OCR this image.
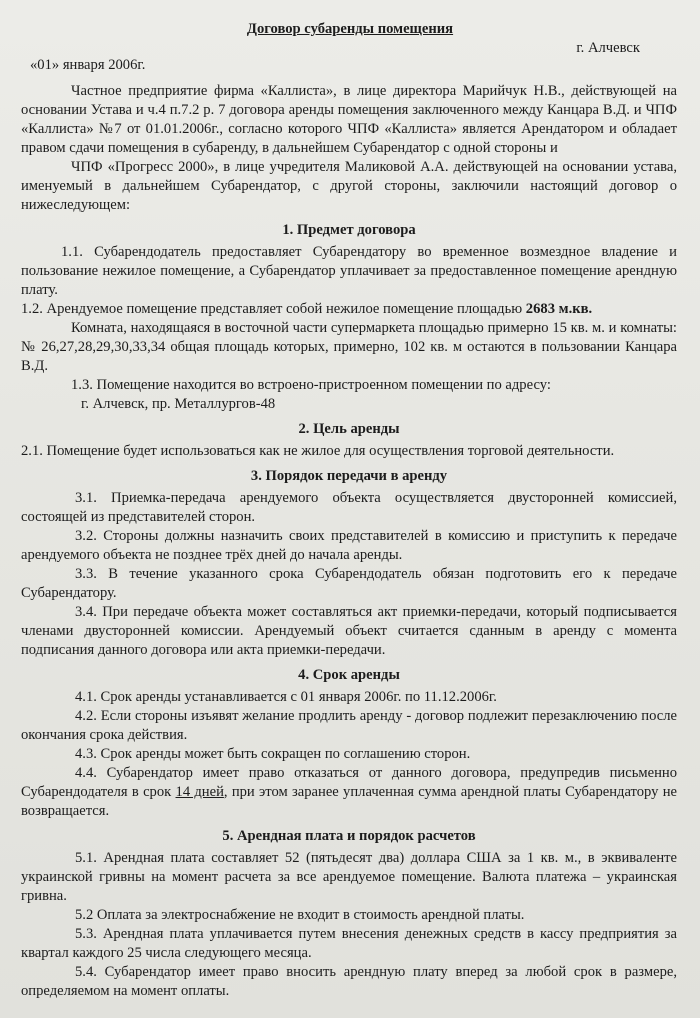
Договор субаренды помещения
г. Алчевск
«01» января 2006г.

Частное предприятие фирма «Каллиста», в лице директора Марийчук Н.В., действующей на основании Устава и ч.4 п.7.2 р. 7 договора аренды помещения заключенного между Канцара В.Д. и ЧПФ «Каллиста» №7 от 01.01.2006г., согласно которого ЧПФ «Каллиста» является Арендатором и обладает правом сдачи помещения в субаренду, в дальнейшем Субарендатор с одной стороны и

ЧПФ «Прогресс 2000», в лице учредителя Маликовой А.А. действующей на основании устава, именуемый в дальнейшем Субарендатор, с другой стороны, заключили настоящий договор о нижеследующем:

1. Предмет договора

1.1. Субарендодатель предоставляет Субарендатору во временное возмездное владение и пользование нежилое помещение, а Субарендатор уплачивает за предоставленное помещение арендную плату.

1.2. Арендуемое помещение представляет собой нежилое помещение площадью 2683 м.кв.

Комната, находящаяся в восточной части супермаркета площадью примерно 15 кв. м. и комнаты: № 26,27,28,29,30,33,34 общая площадь которых, примерно, 102 кв. м остаются в пользовании Канцара В.Д.

1.3. Помещение находится во встроено-пристроенном помещении по адресу:

г. Алчевск, пр. Металлургов-48

2. Цель аренды

2.1. Помещение будет использоваться как не жилое для осуществления торговой деятельности.

3. Порядок передачи в аренду

3.1. Приемка-передача арендуемого объекта осуществляется двусторонней комиссией, состоящей из представителей сторон.

3.2. Стороны должны назначить своих представителей в комиссию и приступить к передаче арендуемого объекта не позднее трёх дней до начала аренды.

3.3. В течение указанного срока Субарендодатель обязан подготовить его к передаче Субарендатору.

3.4. При передаче объекта может составляться акт приемки-передачи, который подписывается членами двусторонней комиссии. Арендуемый объект считается сданным в аренду с момента подписания данного договора или акта приемки-передачи.

4. Срок аренды

4.1. Срок аренды устанавливается с 01 января 2006г. по 11.12.2006г.

4.2. Если стороны изъявят желание продлить аренду - договор подлежит перезаключению после окончания срока действия.

4.3. Срок аренды может быть сокращен по соглашению сторон.

4.4. Субарендатор имеет право отказаться от данного договора, предупредив письменно Субарендодателя в срок 14 дней, при этом заранее уплаченная сумма арендной платы Субарендатору не возвращается.

5. Арендная плата и порядок расчетов

5.1. Арендная плата составляет 52 (пятьдесят два) доллара США за 1 кв. м., в эквиваленте украинской гривны на момент расчета за все арендуемое помещение. Валюта платежа – украинская гривна.

5.2 Оплата за электроснабжение не входит в стоимость арендной платы.

5.3. Арендная плата уплачивается путем внесения денежных средств в кассу предприятия за квартал каждого 25 числа следующего месяца.

5.4. Субарендатор имеет право вносить арендную плату вперед за любой срок в размере, определяемом на момент оплаты.
